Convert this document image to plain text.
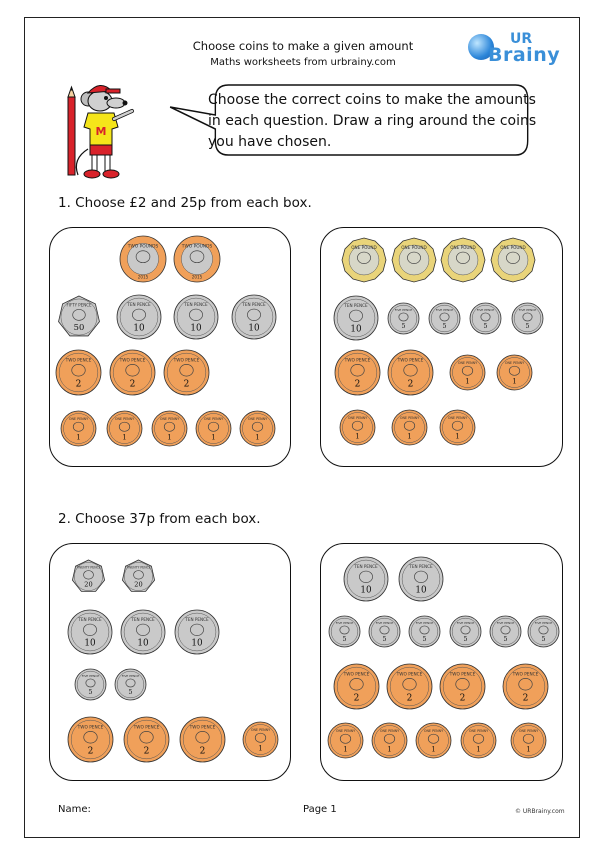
Choose coins to make a given amount
Maths worksheets from urbrainy.com
UR
Brainy
M
Choose the correct coins to make the amounts in each question. Draw a ring around the coins you have chosen.
1. Choose £2 and 25p from each box.
2. Choose 37p from each box.
TWO POUNDS
2015
TWO POUNDS
2015
FIFTY PENCE
50
TEN PENCE
10
TEN PENCE
10
TEN PENCE
10
TWO PENCE
2
TWO PENCE
2
TWO PENCE
2
ONE PENNY
1
ONE PENNY
1
ONE PENNY
1
ONE PENNY
1
ONE PENNY
1
ONE POUND	ONE POUND	ONE POUND	ONE POUND
TEN PENCE
10
FIVE PENCE
5
FIVE PENCE
5
FIVE PENCE
5
FIVE PENCE
5
TWO PENCE
2
TWO PENCE
2
ONE PENNY
1
ONE PENNY
1
ONE PENNY
1
ONE PENNY
1
ONE PENNY
1
TWENTY PENCE
20
TWENTY PENCE
20
TEN PENCE
10
TEN PENCE
10
TEN PENCE
10
FIVE PENCE
5
FIVE PENCE
5
TWO PENCE
2
TWO PENCE
2
TWO PENCE
2
ONE PENNY
1
TEN PENCE
10
TEN PENCE
10
FIVE PENCE
5
FIVE PENCE
5
FIVE PENCE
5
FIVE PENCE
5
FIVE PENCE
5
FIVE PENCE
5
TWO PENCE
2
TWO PENCE
2
TWO PENCE
2
TWO PENCE
2
ONE PENNY
1
ONE PENNY
1
ONE PENNY
1
ONE PENNY
1
ONE PENNY
1
Name:	Page 1	© URBrainy.com
